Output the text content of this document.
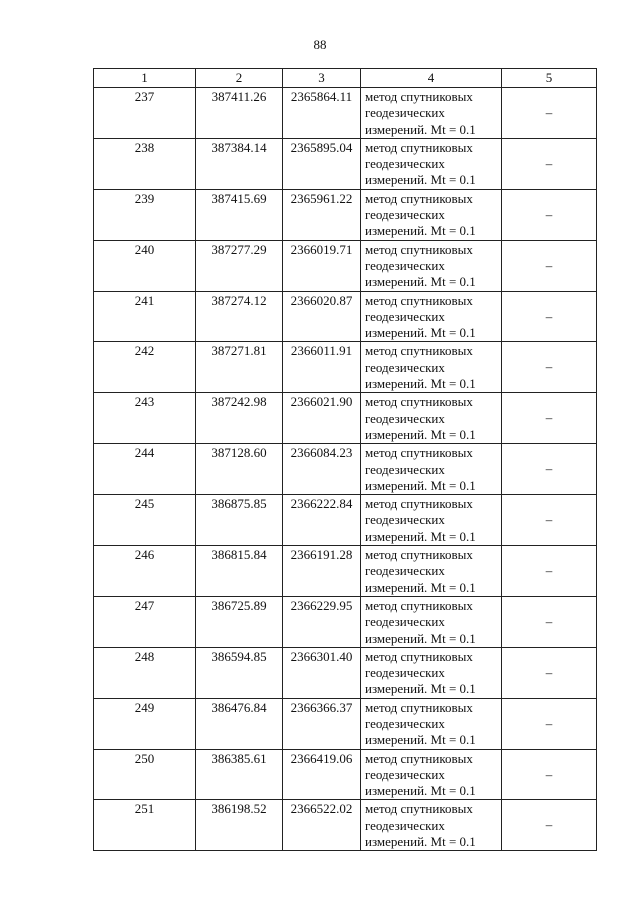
88
1	2	3	4	5
237	387411.26	2365864.11	метод спутниковых
геодезических
измерений. Mt = 0.1	–
238	387384.14	2365895.04	метод спутниковых
геодезических
измерений. Mt = 0.1	–
239	387415.69	2365961.22	метод спутниковых
геодезических
измерений. Mt = 0.1	–
240	387277.29	2366019.71	метод спутниковых
геодезических
измерений. Mt = 0.1	–
241	387274.12	2366020.87	метод спутниковых
геодезических
измерений. Mt = 0.1	–
242	387271.81	2366011.91	метод спутниковых
геодезических
измерений. Mt = 0.1	–
243	387242.98	2366021.90	метод спутниковых
геодезических
измерений. Mt = 0.1	–
244	387128.60	2366084.23	метод спутниковых
геодезических
измерений. Mt = 0.1	–
245	386875.85	2366222.84	метод спутниковых
геодезических
измерений. Mt = 0.1	–
246	386815.84	2366191.28	метод спутниковых
геодезических
измерений. Mt = 0.1	–
247	386725.89	2366229.95	метод спутниковых
геодезических
измерений. Mt = 0.1	–
248	386594.85	2366301.40	метод спутниковых
геодезических
измерений. Mt = 0.1	–
249	386476.84	2366366.37	метод спутниковых
геодезических
измерений. Mt = 0.1	–
250	386385.61	2366419.06	метод спутниковых
геодезических
измерений. Mt = 0.1	–
251	386198.52	2366522.02	метод спутниковых
геодезических
измерений. Mt = 0.1	–
